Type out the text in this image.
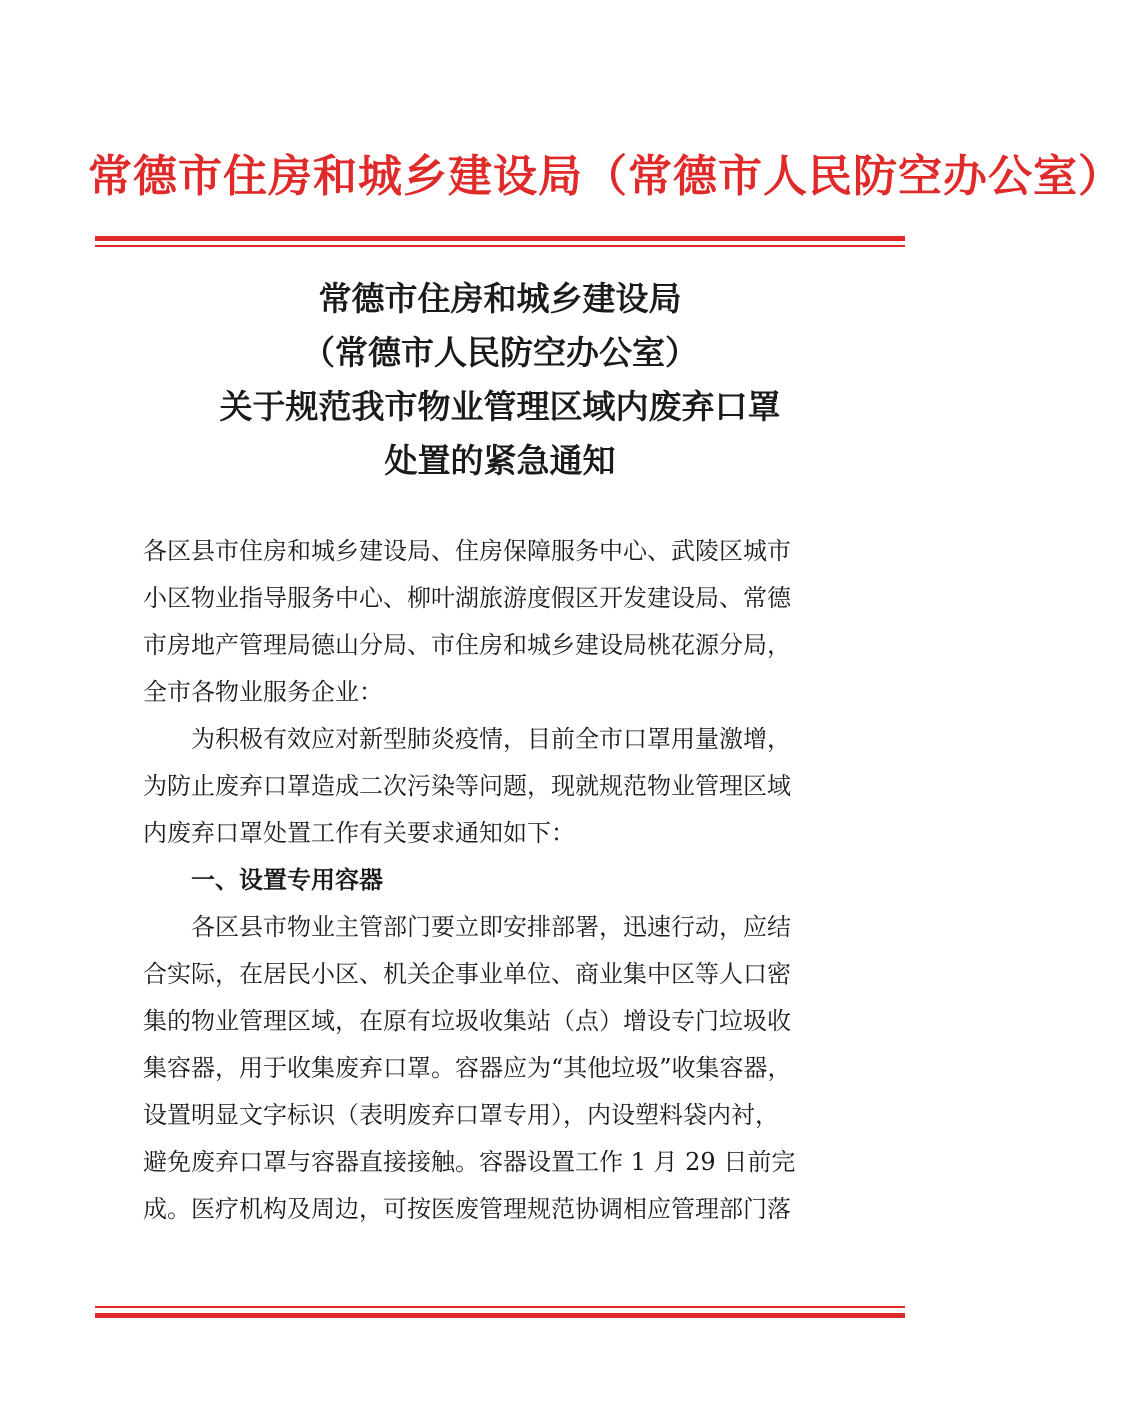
常德市住房和城乡建设局（常德市人民防空办公室）
常德市住房和城乡建设局
（常德市人民防空办公室）
关于规范我市物业管理区域内废弃口罩
处置的紧急通知
各区县市住房和城乡建设局、住房保障服务中心、武陵区城市
小区物业指导服务中心、柳叶湖旅游度假区开发建设局、常德
市房地产管理局德山分局、市住房和城乡建设局桃花源分局，
全市各物业服务企业：
为积极有效应对新型肺炎疫情，目前全市口罩用量激增，
为防止废弃口罩造成二次污染等问题，现就规范物业管理区域
内废弃口罩处置工作有关要求通知如下：
一、设置专用容器
各区县市物业主管部门要立即安排部署，迅速行动，应结
合实际，在居民小区、机关企事业单位、商业集中区等人口密
集的物业管理区域，在原有垃圾收集站（点）增设专门垃圾收
集容器，用于收集废弃口罩。容器应为“其他垃圾”收集容器，
设置明显文字标识（表明废弃口罩专用），内设塑料袋内衬，
避免废弃口罩与容器直接接触。容器设置工作 1 月 29 日前完
成。医疗机构及周边，可按医废管理规范协调相应管理部门落
